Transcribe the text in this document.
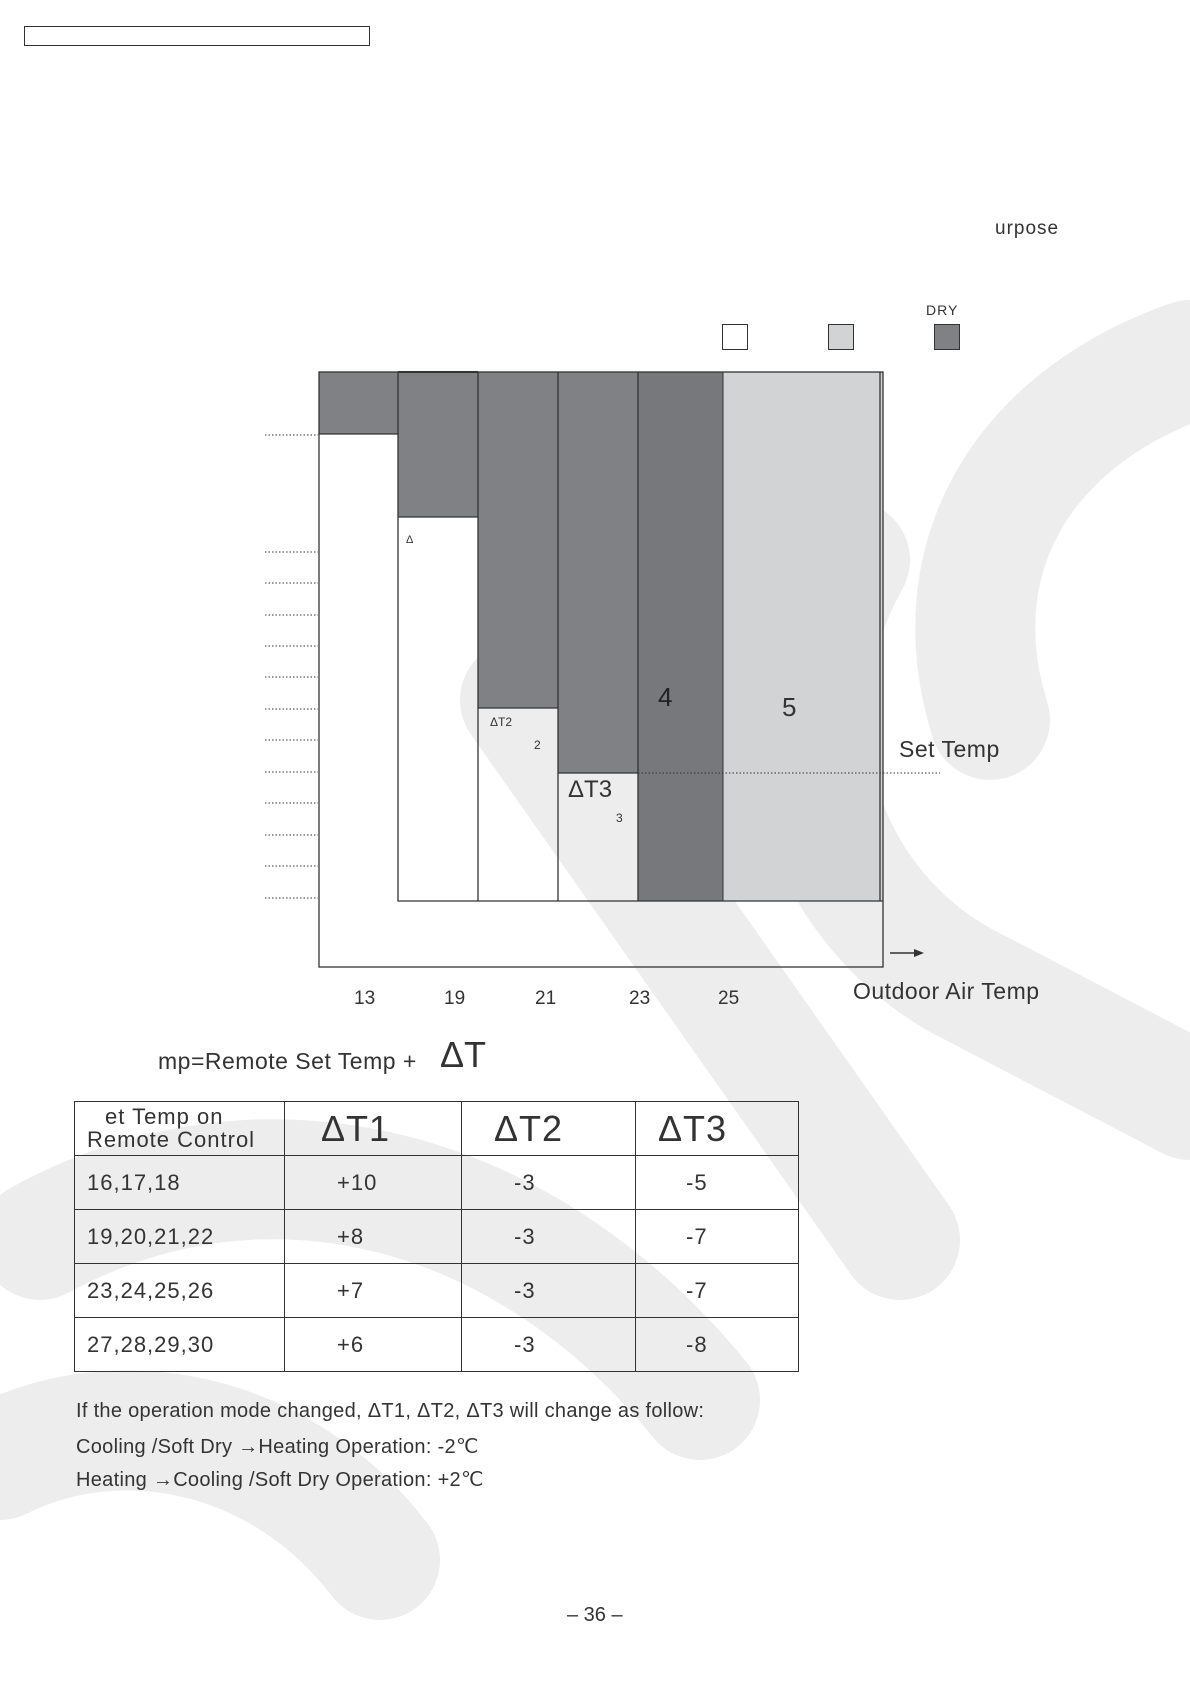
urpose
DRY
Δ
ΔT2
2
ΔT3
3
4	5
Set Temp
Outdoor Air Temp
13	19	21	23	25
mp=Remote Set Temp + ΔT
et Temp on
Remote Control	ΔT1	ΔT2	ΔT3
16,17,18	+10	-3	-5
19,20,21,22	+8	-3	-7
23,24,25,26	+7	-3	-7
27,28,29,30	+6	-3	-8
If the operation mode changed, ΔT1, ΔT2, ΔT3 will change as follow:
Cooling /Soft Dry →Heating Operation: -2℃
Heating →Cooling /Soft Dry Operation: +2℃
– 36 –
